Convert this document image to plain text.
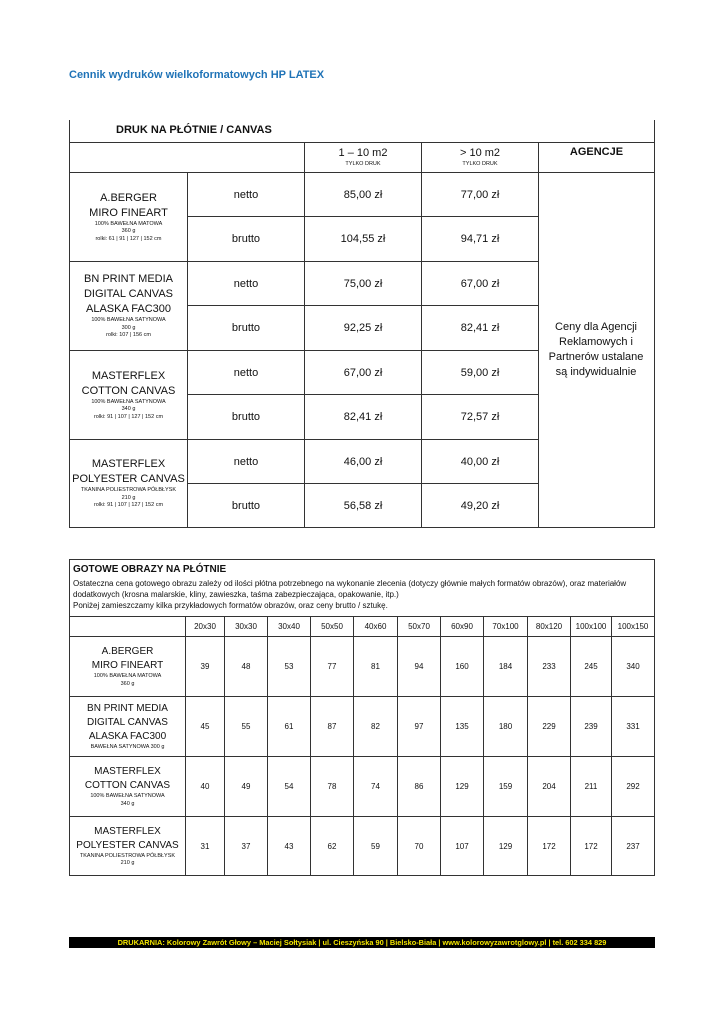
Cennik wydruków wielkoformatowych HP LATEX
DRUK NA PŁÓTNIE / CANVAS
1 – 10 m2
TYLKO DRUK
> 10 m2
TYLKO DRUK
AGENCJE
Ceny dla Agencji Reklamowych i Partnerów ustalane są indywidualnie
A.BERGER
MIRO FINEART
100% BAWEŁNA MATOWA
360 g
rolki: 61 | 91 | 127 | 152 cm
netto	85,00 zł	77,00 zł
brutto	104,55 zł	94,71 zł
BN PRINT MEDIA
DIGITAL CANVAS
ALASKA FAC300
100% BAWEŁNA SATYNOWA
300 g
rolki: 107 | 156 cm
netto	75,00 zł	67,00 zł
brutto	92,25 zł	82,41 zł
MASTERFLEX
COTTON CANVAS
100% BAWEŁNA SATYNOWA
340 g
rolki: 91 | 107 | 127 | 152 cm
netto	67,00 zł	59,00 zł
brutto	82,41 zł	72,57 zł
MASTERFLEX
POLYESTER CANVAS
TKANINA POLIESTROWA PÓŁBŁYSK
210 g
rolki: 91 | 107 | 127 | 152 cm
netto	46,00 zł	40,00 zł
brutto	56,58 zł	49,20 zł
GOTOWE OBRAZY NA PŁÓTNIE
Ostateczna cena gotowego obrazu zależy od ilości płótna potrzebnego na wykonanie zlecenia (dotyczy głównie małych formatów obrazów), oraz materiałów dodatkowych (krosna malarskie, kliny, zawieszka, taśma zabezpieczająca, opakowanie, itp.)
Poniżej zamieszczamy kilka przykładowych formatów obrazów, oraz ceny brutto / sztukę.
20x30	30x30	30x40	50x50	40x60	50x70	60x90	70x100	80x120	100x100	100x150
A.BERGER
MIRO FINEART
100% BAWEŁNA MATOWA
360 g
39	48	53	77	81	94	160	184	233	245	340
BN PRINT MEDIA
DIGITAL CANVAS
ALASKA FAC300
BAWEŁNA SATYNOWA 300 g
45	55	61	87	82	97	135	180	229	239	331
MASTERFLEX
COTTON CANVAS
100% BAWEŁNA SATYNOWA
340 g
40	49	54	78	74	86	129	159	204	211	292
MASTERFLEX
POLYESTER CANVAS
TKANINA POLIESTROWA PÓŁBŁYSK
210 g
31	37	43	62	59	70	107	129	172	172	237
DRUKARNIA: Kolorowy Zawrót Głowy – Maciej Sołtysiak | ul. Cieszyńska 90 | Bielsko-Biała | www.kolorowyzawrotglowy.pl | tel. 602 334 829
